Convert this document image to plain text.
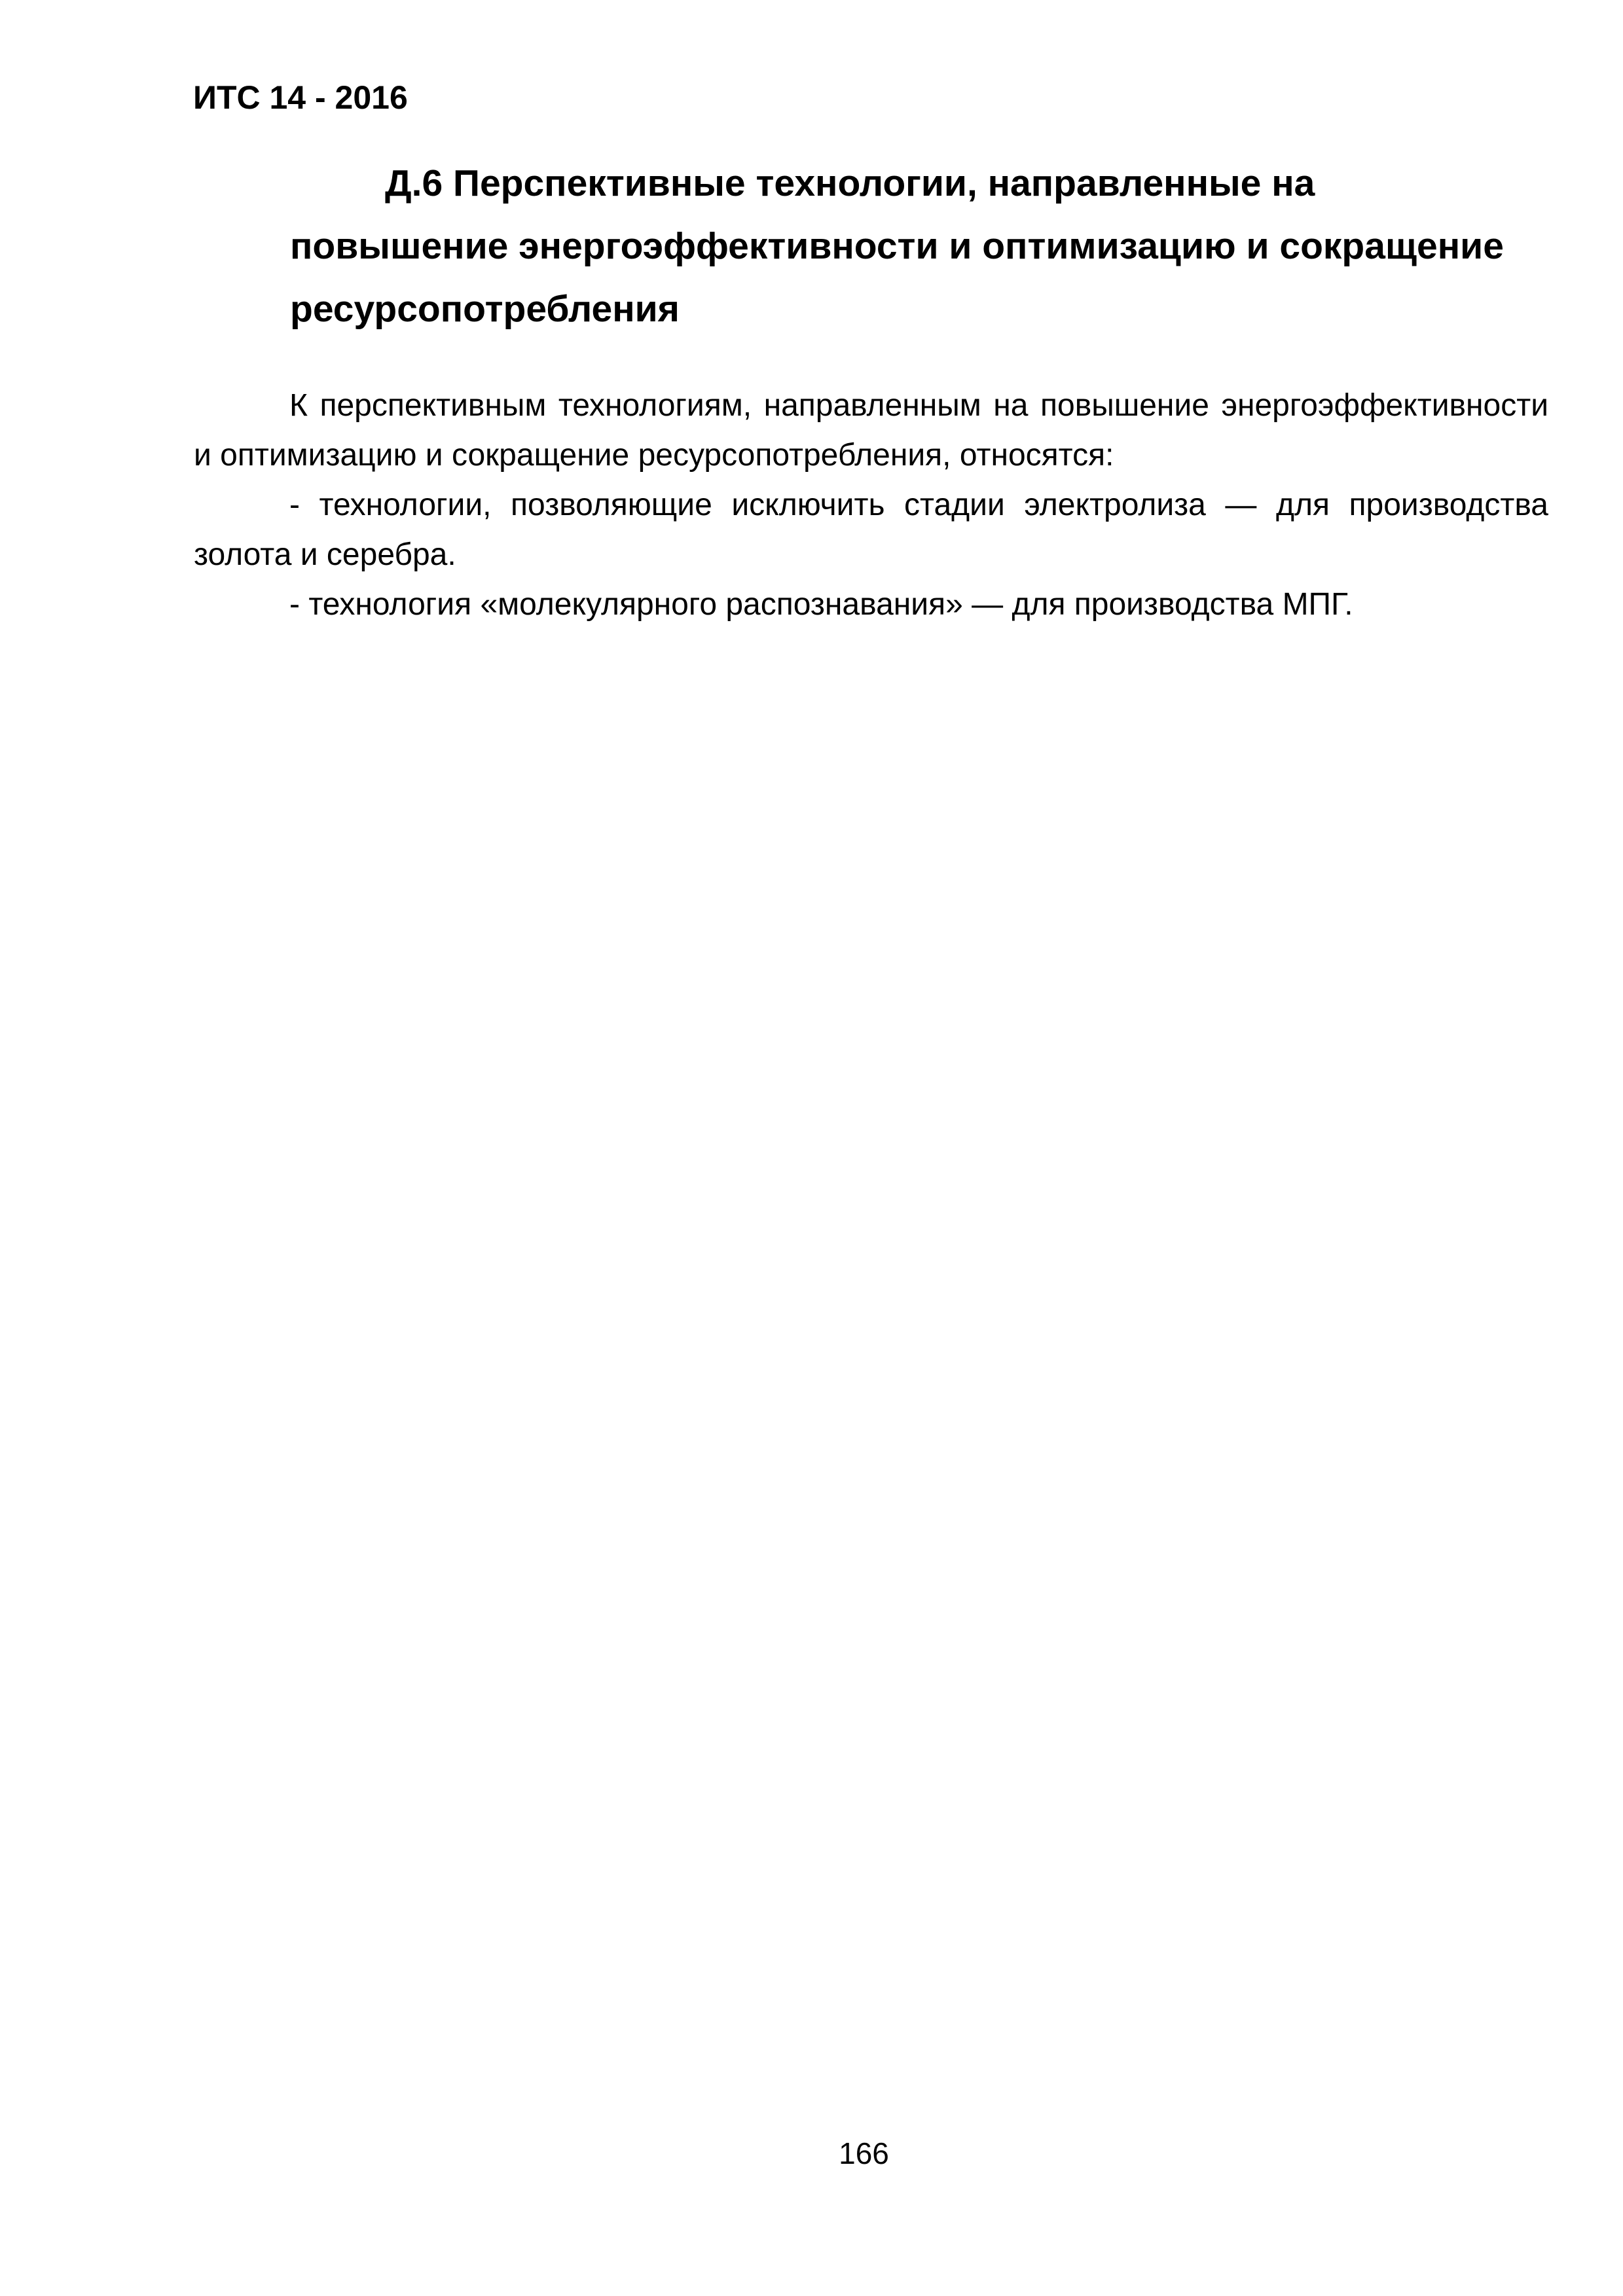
ИТС 14 - 2016
Д.6 Перспективные технологии, направленные на
повышение энергоэффективности и оптимизацию и сокращение
ресурсопотребления

К перспективным технологиям, направленным на повышение энергоэффективности и оптимизацию и сокращение ресурсопотребления, относятся:

- технологии, позволяющие исключить стадии электролиза — для производства золота и серебра.

- технология «молекулярного распознавания» — для производства МПГ.

166
